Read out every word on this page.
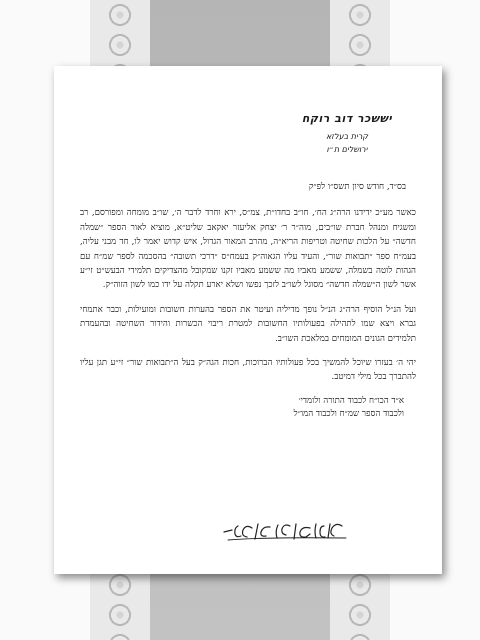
יששכר דוב רוקח
קרית בעלזא
ירושלים ת״ו
בס״ד, חודש סיון תשס״ו לפ״ק

כאשר מע״כ ידידנו הרה״ג הח׳, חו״ב בחדו״ת, צמ״ס, ירא וחרד לדבר ה׳, שו״ב מומחה ומפורסם, רב ומשגיח ומנהל חברת שו״בים, מוה״ר ר׳ יצחק אליעזר יאקאב שליט״א, מוציא לאור הספר ״שמלה חדשה״ על הלכות שחיטה וטריפות הריא״ה, מהרב המאור הגדול, איש קדוש יאמר לו, חד מבני עליה, בעמ״ח ספר ״תבואות שור״, והעיד עליו הגאוה״ק בעמח״ס ״דרכי תשובה״ בהסכמה לספר שמ״ח עם הגהות לוטה בשמלה, ששמע מאביו מה ששמע מאביו זקנו שמקובל מהצדיקים תלמידי הבעש״ט זי״ע אשר לשון ה״שמלה חדשה״ מסוגל לשו״ב לזכך נפשו ושלא יארע תקלה על ידו כמו לשון הזוה״ק.

ועל הנ״ל הוסיף הרה״ג הנ״ל נופך מדיליה ועיטר את הספר בהערות חשובות ומועילות, וכבר אתמחי גברא ויצא שמו לתהילה בפעולותיו החשובות למטרת ריבוי הכשרות והידור השחיטה ובהעמדת תלמידים הגונים המומחים במלאכת השו״ב.

יהי ה׳ בעזרו שיוכל להמשיך בכל פעולותיו הברוכות, חכות הגה״ק בעל ה״תבואות שור״ זי״ע תגן עליו להתברך בכל מילי דמיטב.

א״ד הכו״ח לכבוד התורה ולומדי׳
ולכבוד הספר שמ״ח ולכבוד המו״ל
